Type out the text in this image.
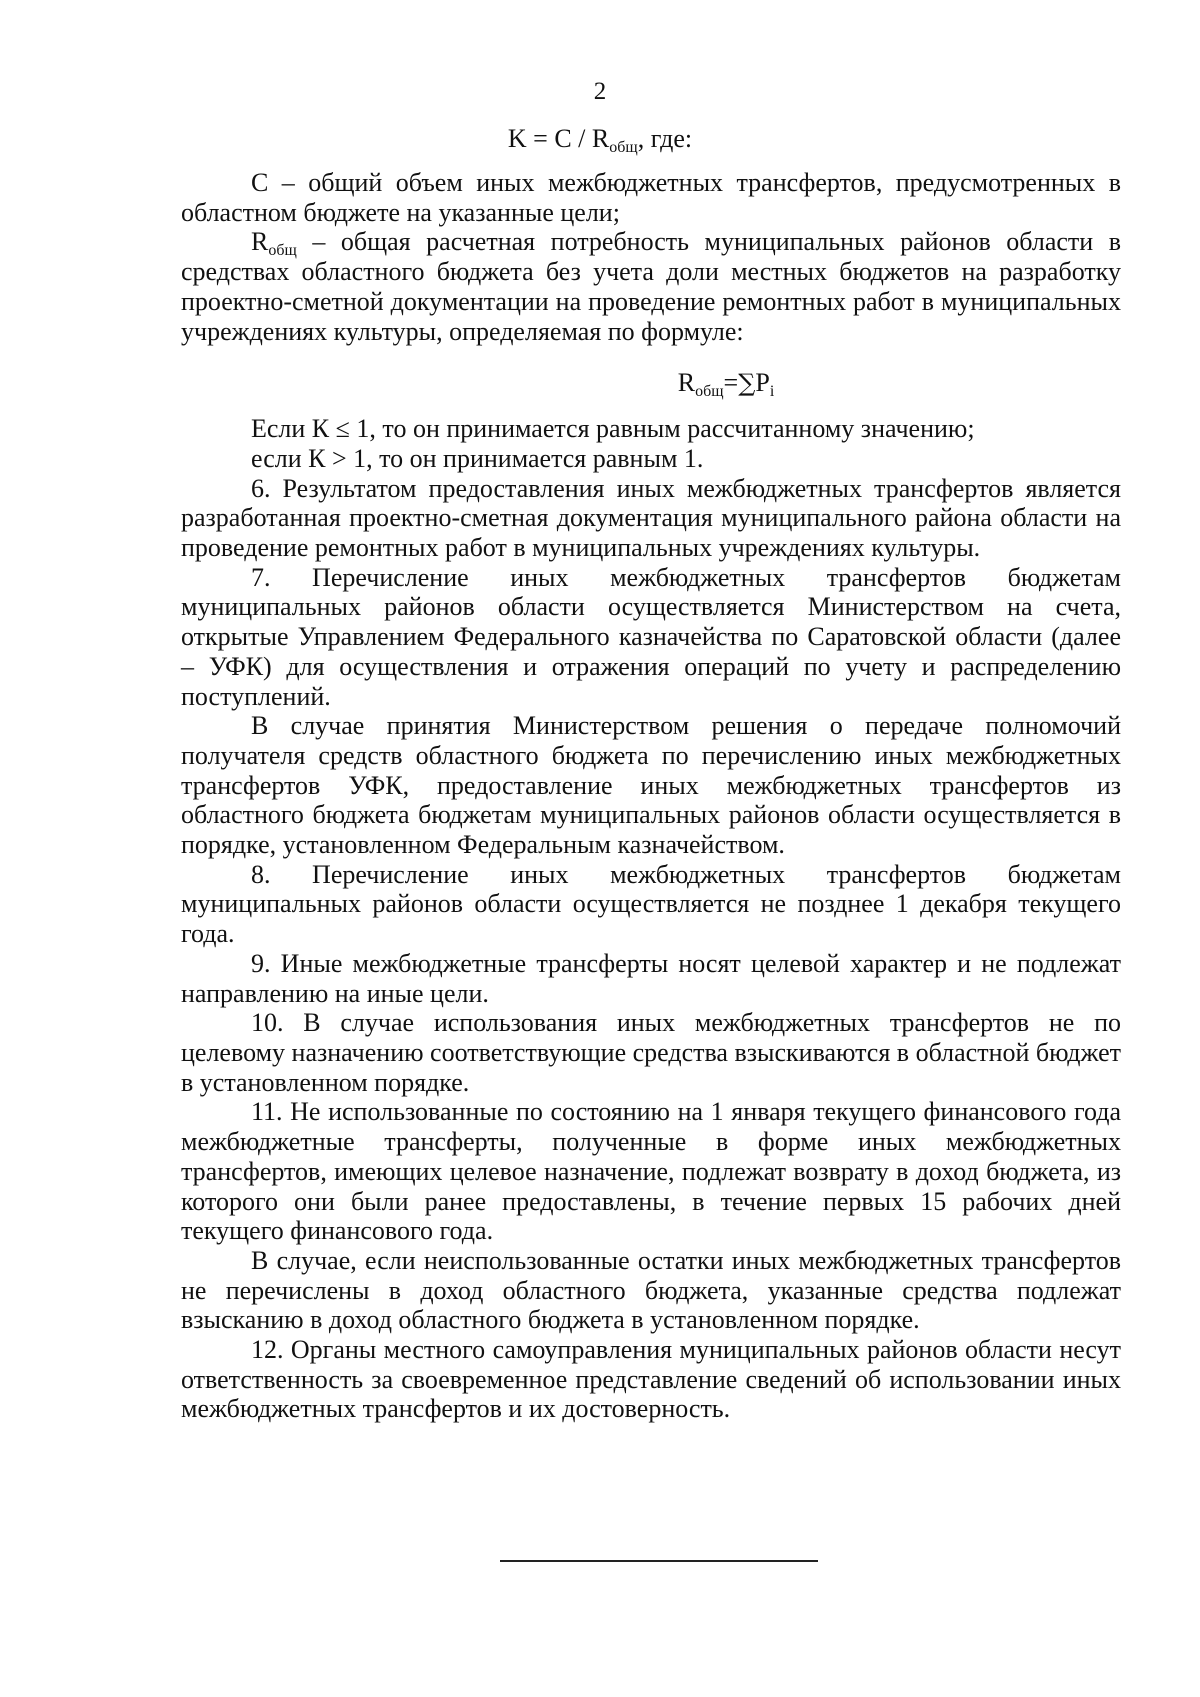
2
$K = C / R_{общ}$, где:

С – общий объем иных межбюджетных трансфертов, предусмотренных в областном бюджете на указанные цели;

$R_{общ}$ – общая расчетная потребность муниципальных районов области в средствах областного бюджета без учета доли местных бюджетов на разработку проектно-сметной документации на проведение ремонтных работ в муниципальных учреждениях культуры, определяемая по формуле:

$R_{общ}=\sum P_i$

Если К ≤ 1, то он принимается равным рассчитанному значению;

если К > 1, то он принимается равным 1.

6. Результатом предоставления иных межбюджетных трансфертов является разработанная проектно-сметная документация муниципального района области на проведение ремонтных работ в муниципальных учреждениях культуры.

7. Перечисление иных межбюджетных трансфертов бюджетам муниципальных районов области осуществляется Министерством на счета, открытые Управлением Федерального казначейства по Саратовской области (далее – УФК) для осуществления и отражения операций по учету и распределению поступлений.

В случае принятия Министерством решения о передаче полномочий получателя средств областного бюджета по перечислению иных межбюджетных трансфертов УФК, предоставление иных межбюджетных трансфертов из областного бюджета бюджетам муниципальных районов области осуществляется в порядке, установленном Федеральным казначейством.

8. Перечисление иных межбюджетных трансфертов бюджетам муниципальных районов области осуществляется не позднее 1 декабря текущего года.

9. Иные межбюджетные трансферты носят целевой характер и не подлежат направлению на иные цели.

10. В случае использования иных межбюджетных трансфертов не по целевому назначению соответствующие средства взыскиваются в областной бюджет в установленном порядке.

11. Не использованные по состоянию на 1 января текущего финансового года межбюджетные трансферты, полученные в форме иных межбюджетных трансфертов, имеющих целевое назначение, подлежат возврату в доход бюджета, из которого они были ранее предоставлены, в течение первых 15 рабочих дней текущего финансового года.

В случае, если неиспользованные остатки иных межбюджетных трансфертов не перечислены в доход областного бюджета, указанные средства подлежат взысканию в доход областного бюджета в установленном порядке.

12. Органы местного самоуправления муниципальных районов области несут ответственность за своевременное представление сведений об использовании иных межбюджетных трансфертов и их достоверность.
